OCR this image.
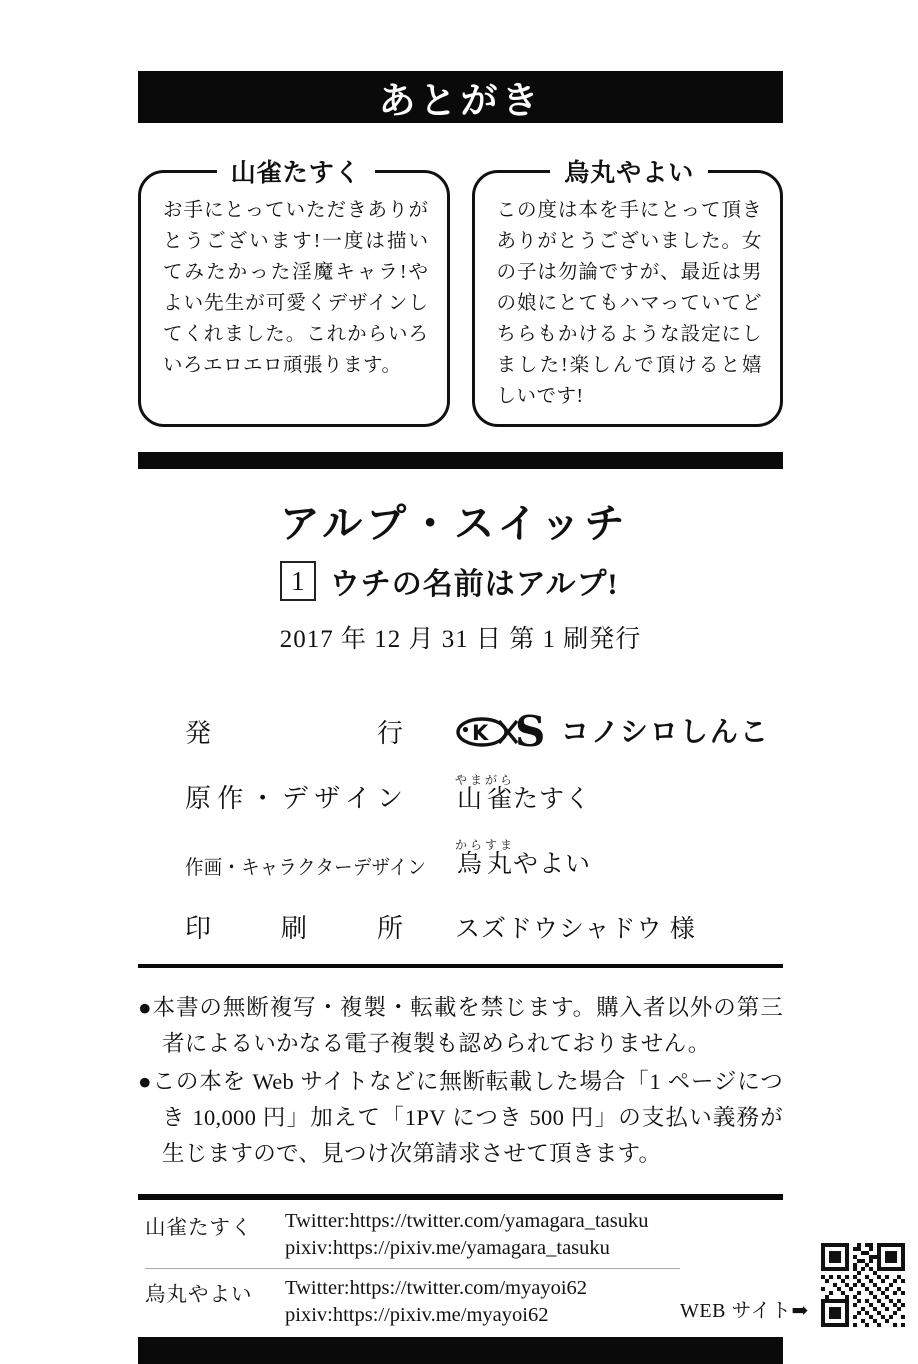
あとがき
山雀たすく
お手にとっていただきありがとうございます!一度は描いてみたかった淫魔キャラ!やよい先生が可愛くデザインしてくれました。これからいろいろエロエロ頑張ります。
烏丸やよい
この度は本を手にとって頂きありがとうございました。女の子は勿論ですが、最近は男の娘にとてもハマっていてどちらもかけるような設定にしました!楽しんで頂けると嬉しいです!
アルプ・スイッチ
1 ウチの名前はアルプ!
2017 年 12 月 31 日 第 1 刷発行
発行	K S コノシロしんこ
原作・デザイン 山雀やまがらたすく
作画・キャラクターデザイン 烏丸からすまやよい
印刷所 スズドウシャドウ 様
●本書の無断複写・複製・転載を禁じます。購入者以外の第三者によるいかなる電子複製も認められておりません。
●この本を Web サイトなどに無断転載した場合「1 ページにつき 10,000 円」加えて「1PV につき 500 円」の支払い義務が生じますので、見つけ次第請求させて頂きます。
山雀たすく	Twitter:https://twitter.com/yamagara_tasuku
pixiv:https://pixiv.me/yamagara_tasuku
烏丸やよい	Twitter:https://twitter.com/myayoi62
pixiv:https://pixiv.me/myayoi62	WEB サイト➡
